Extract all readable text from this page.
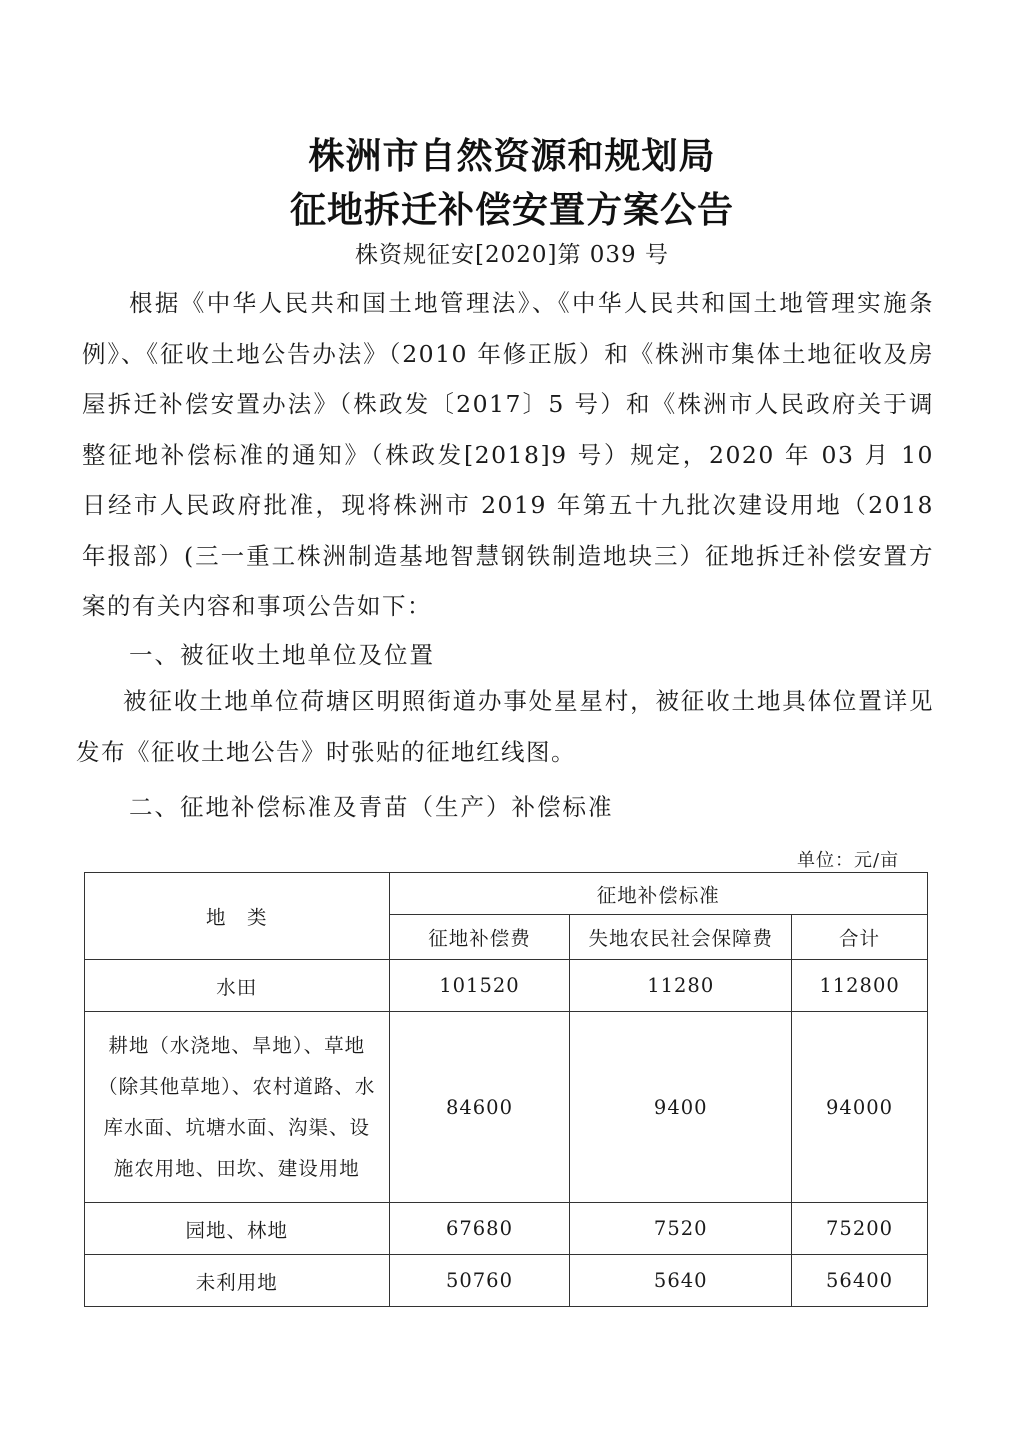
株洲市自然资源和规划局
征地拆迁补偿安置方案公告
株资规征安[2020]第 039 号

根据《中华人民共和国土地管理法》、《中华人民共和国土地管理实施条例》、《征收土地公告办法》（2010 年修正版）和《株洲市集体土地征收及房屋拆迁补偿安置办法》（株政发〔2017〕5 号）和《株洲市人民政府关于调整征地补偿标准的通知》（株政发[2018]9 号）规定，2020 年 03 月 10 日经市人民政府批准，现将株洲市 2019 年第五十九批次建设用地（2018 年报部）(三一重工株洲制造基地智慧钢铁制造地块三）征地拆迁补偿安置方案的有关内容和事项公告如下：

一、被征收土地单位及位置

被征收土地单位荷塘区明照街道办事处星星村，被征收土地具体位置详见发布《征收土地公告》时张贴的征地红线图。

二、征地补偿标准及青苗（生产）补偿标准
单位：元/亩
地　类	征地补偿标准		
	征地补偿费	失地农民社会保障费	合计
水田	101520	11280	112800
耕地（水浇地、旱地）、草地（除其他草地）、农村道路、水库水面、坑塘水面、沟渠、设施农用地、田坎、建设用地	84600	9400	94000
园地、林地	67680	7520	75200
未利用地	50760	5640	56400
